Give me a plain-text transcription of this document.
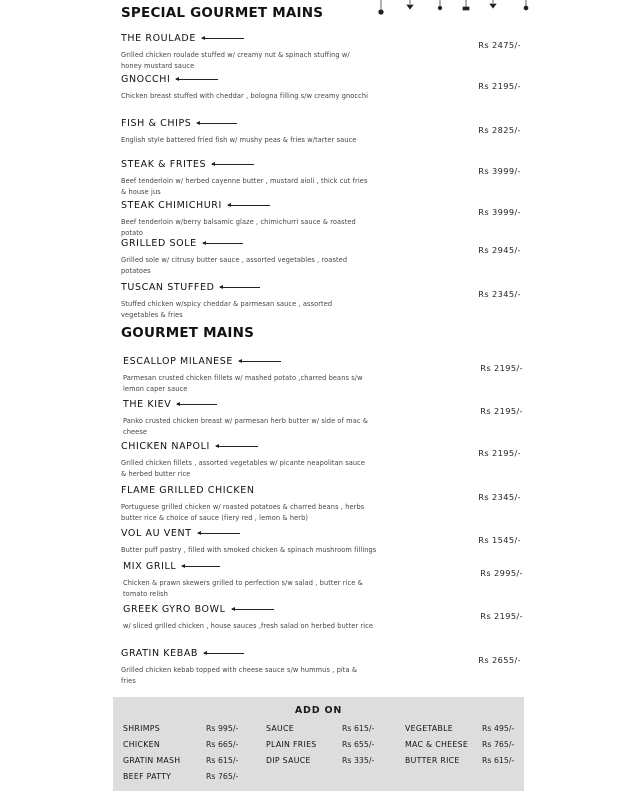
SPECIAL GOURMET MAINS
THE ROULADE
Grilled chicken roulade stuffed w/ creamy nut & spinach stuffing w/ honey mustard sauce
Rs 2475/-
GNOCCHI
Chicken breast stuffed with cheddar , bologna filling s/w creamy gnocchi
Rs 2195/-
FISH & CHIPS
English style battered fried fish w/ mushy peas & fries w/tarter sauce
Rs 2825/-
STEAK & FRITES
Beef tenderloin w/ herbed cayenne butter , mustard aioli , thick cut fries & house jus
Rs 3999/-
STEAK CHIMICHURI
Beef tenderloin w/berry balsamic glaze , chimichurri sauce & roasted potato
Rs 3999/-
GRILLED SOLE
Grilled sole w/ citrusy butter sauce , assorted vegetables , roasted potatoes
Rs 2945/-
TUSCAN STUFFED
Stuffed chicken w/spicy cheddar & parmesan sauce , assorted vegetables & fries
Rs 2345/-
GOURMET MAINS
ESCALLOP MILANESE
Parmesan crusted chicken fillets w/ mashed potato ,charred beans s/w lemon caper sauce
Rs 2195/-
THE KIEV
Panko crusted chicken breast w/ parmesan herb butter w/ side of mac & cheese
Rs 2195/-
CHICKEN NAPOLI
Grilled chicken fillets , assorted vegetables w/ picante neapolitan sauce & herbed butter rice
Rs 2195/-
FLAME GRILLED CHICKEN
Portuguese grilled chicken w/ roasted potatoes & charred beans , herbs butter rice & choice of sauce (fiery red , lemon & herb)
Rs 2345/-
VOL AU VENT
Butter puff pastry , filled with smoked chicken & spinach mushroom fillings
Rs 1545/-
MIX GRILL
Chicken & prawn skewers grilled to perfection s/w salad , butter rice & tomato relish
Rs 2995/-
GREEK GYRO BOWL
w/ sliced grilled chicken , house sauces ,fresh salad on herbed butter rice
Rs 2195/-
GRATIN KEBAB
Grilled chicken kebab topped with cheese sauce s/w hummus , pita & fries
Rs 2655/-
ADD ON
SHRIMPS	Rs 995/-	SAUCE	Rs 615/-	VEGETABLE	Rs 495/-
CHICKEN	Rs 665/-	PLAIN FRIES	Rs 655/-	MAC & CHEESE Rs 765/-
GRATIN MASH	Rs 615/-	DIP SAUCE	Rs 335/-	BUTTER RICE	Rs 615/-
BEEF PATTY	Rs 765/-
